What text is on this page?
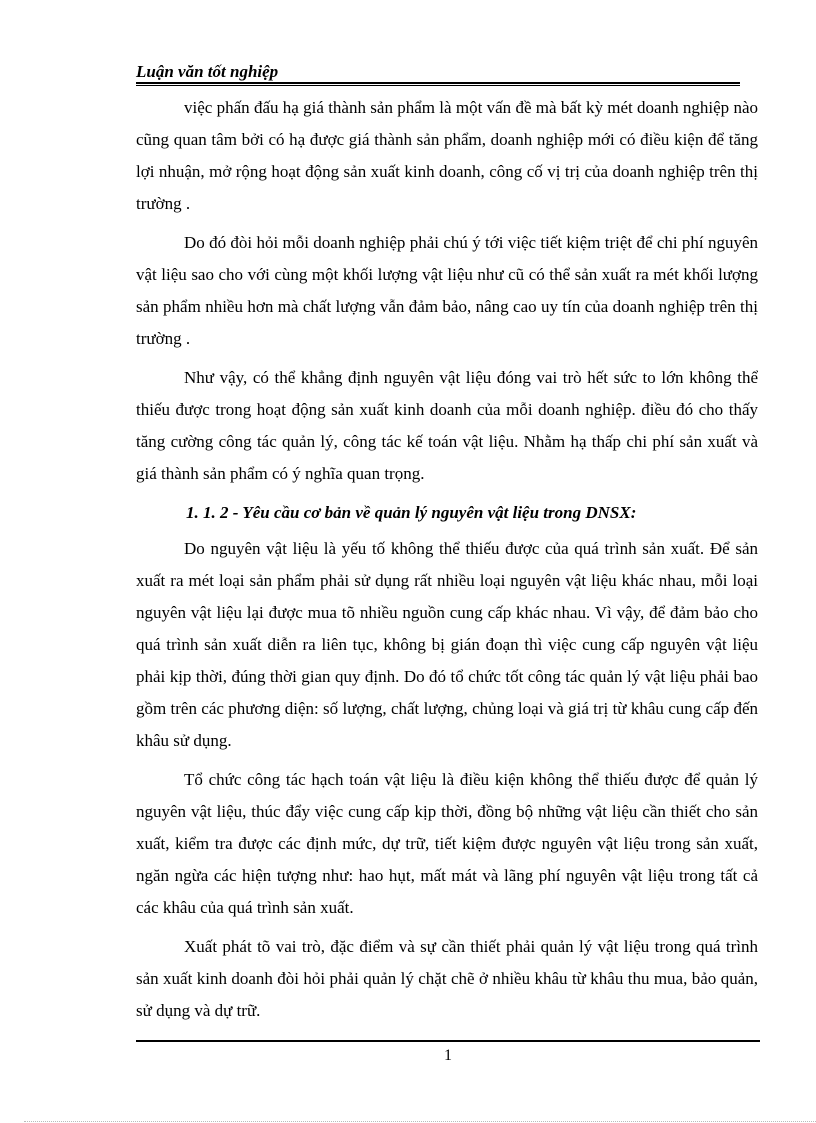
Luận văn tốt nghiệp

việc phấn đấu hạ giá thành sản phẩm là một vấn đề mà bất kỳ mét doanh nghiệp nào cũng quan tâm bởi có hạ được giá thành sản phẩm, doanh nghiệp mới có điều kiện để tăng lợi nhuận, mở rộng hoạt động sản xuất kinh doanh, công cố vị trị của doanh nghiệp trên thị trường .

Do đó đòi hỏi mỗi doanh nghiệp phải chú ý tới việc tiết kiệm triệt để chi phí nguyên vật liệu sao cho với cùng một khối lượng vật liệu như cũ có thể sản xuất ra mét khối lượng sản phẩm nhiều hơn mà chất lượng vẫn đảm bảo, nâng cao uy tín của doanh nghiệp trên thị trường .

Như vậy, có thể khẳng định nguyên vật liệu đóng vai trò hết sức to lớn không thể thiếu được trong hoạt động sản xuất kinh doanh của mỗi doanh nghiệp. điều đó cho thấy tăng cường công tác quản lý, công tác kế toán vật liệu. Nhằm hạ thấp chi phí sản xuất và giá thành sản phẩm có ý nghĩa quan trọng.

1. 1. 2 - Yêu cầu cơ bản về quản lý nguyên vật liệu trong DNSX:

Do nguyên vật liệu là yếu tố không thể thiếu được của quá trình sản xuất. Để sản xuất ra mét loại sản phẩm phải sử dụng rất nhiều loại nguyên vật liệu khác nhau, mỗi loại nguyên vật liệu lại được mua tõ nhiều nguồn cung cấp khác nhau. Vì vậy, để đảm bảo cho quá trình sản xuất diễn ra liên tục, không bị gián đoạn thì việc cung cấp nguyên vật liệu phải kịp thời, đúng thời gian quy định. Do đó tổ chức tốt công tác quản lý vật liệu phải bao gồm trên các phương diện: số lượng, chất lượng, chủng loại và giá trị từ khâu cung cấp đến khâu sử dụng.

Tổ chức công tác hạch toán vật liệu là điều kiện không thể thiếu được để quản lý nguyên vật liệu, thúc đẩy việc cung cấp kịp thời, đồng bộ những vật liệu cần thiết cho sản xuất, kiểm tra được các định mức, dự trữ, tiết kiệm được nguyên vật liệu trong sản xuất, ngăn ngừa các hiện tượng như: hao hụt, mất mát và lãng phí nguyên vật liệu trong tất cả các khâu của quá trình sản xuất.

Xuất phát tõ vai trò, đặc điểm và sự cần thiết phải quản lý vật liệu trong quá trình sản xuất kinh doanh đòi hỏi phải quản lý chặt chẽ ở nhiều khâu từ khâu thu mua, bảo quản, sử dụng và dự trữ.

1
